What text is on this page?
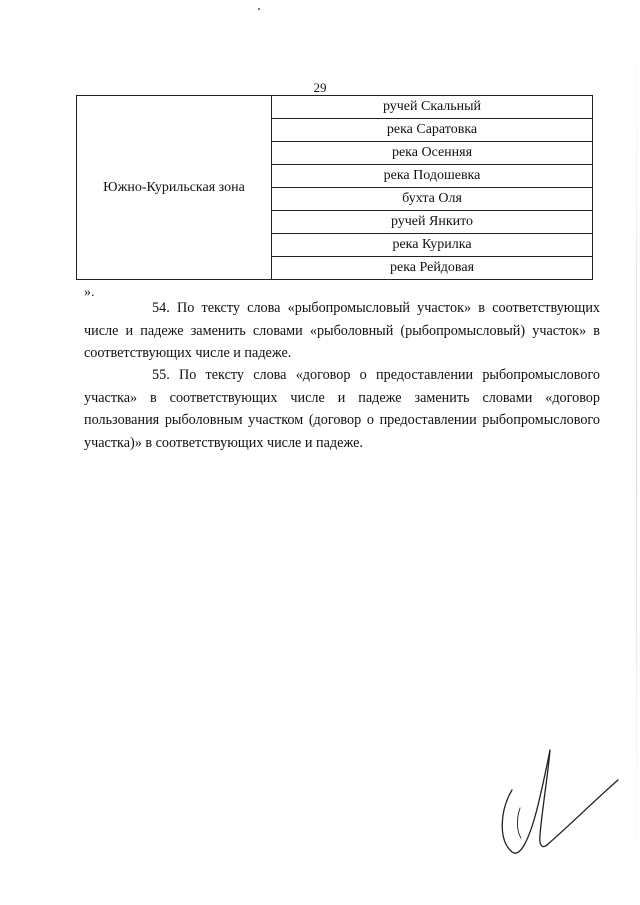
29
Южно-Курильская зона	ручей Скальный
река Саратовка
река Осенняя
река Подошевка
бухта Оля
ручей Янкито
река Курилка
река Рейдовая
».

54. По тексту слова «рыбопромысловый участок» в соответствующих числе и падеже заменить словами «рыболовный (рыбопромысловый) участок» в соответствующих числе и падеже.

55. По тексту слова «договор о предоставлении рыбопромыслового участка» в соответствующих числе и падеже заменить словами «договор пользования рыболовным участком (договор о предоставлении рыбопромыслового участка)» в соответствующих числе и падеже.
